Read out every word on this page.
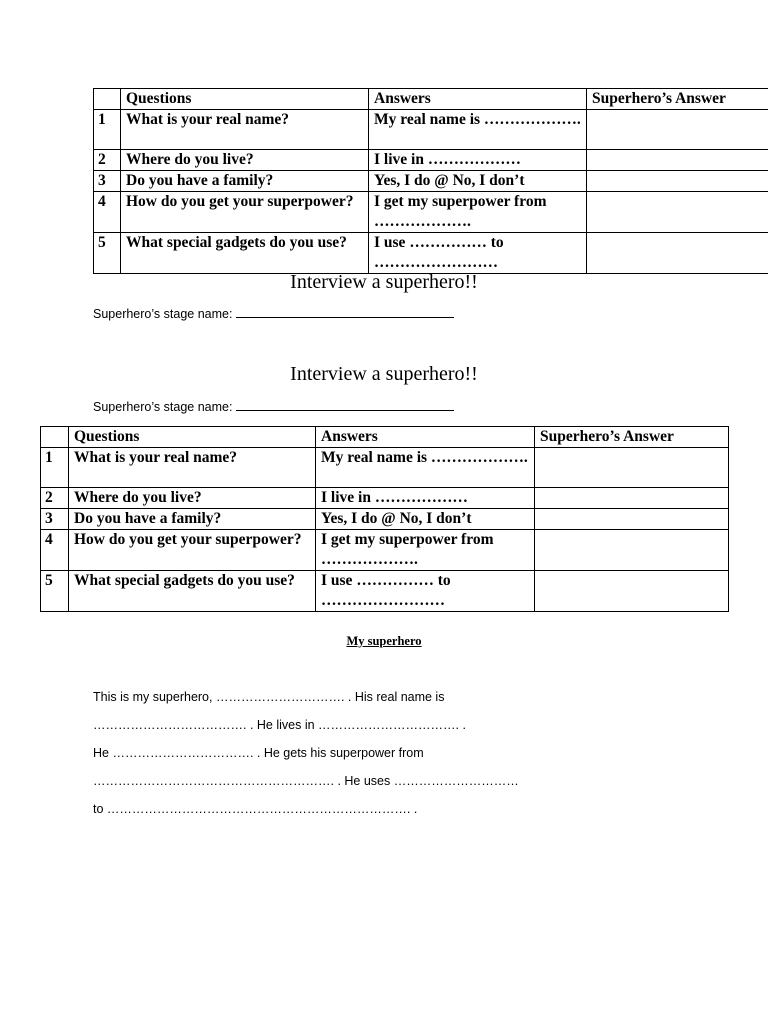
	Questions	Answers	Superhero’s Answer
1	What is your real name?	My real name is ……………….	
2	Where do you live?	I live in ………………	
3	Do you have a family?	Yes, I do @ No, I don’t	
4	How do you get your superpower?	I get my superpower from ……………….	
5	What special gadgets do you use?	I use …………… to ……………………	
Interview a superhero!!
Superhero’s stage name:
Interview a superhero!!
Superhero’s stage name:
	Questions	Answers	Superhero’s Answer
1	What is your real name?	My real name is ……………….	
2	Where do you live?	I live in ………………	
3	Do you have a family?	Yes, I do @ No, I don’t	
4	How do you get your superpower?	I get my superpower from ……………….	
5	What special gadgets do you use?	I use …………… to ……………………	
My superhero
This is my superhero, …………………………. . His real name is
………………………………. . He lives in ……………………………. .
He ……………………………. . He gets his superpower from
…………………………………………………. . He uses …………………………
to ………………………………………………………………. .
